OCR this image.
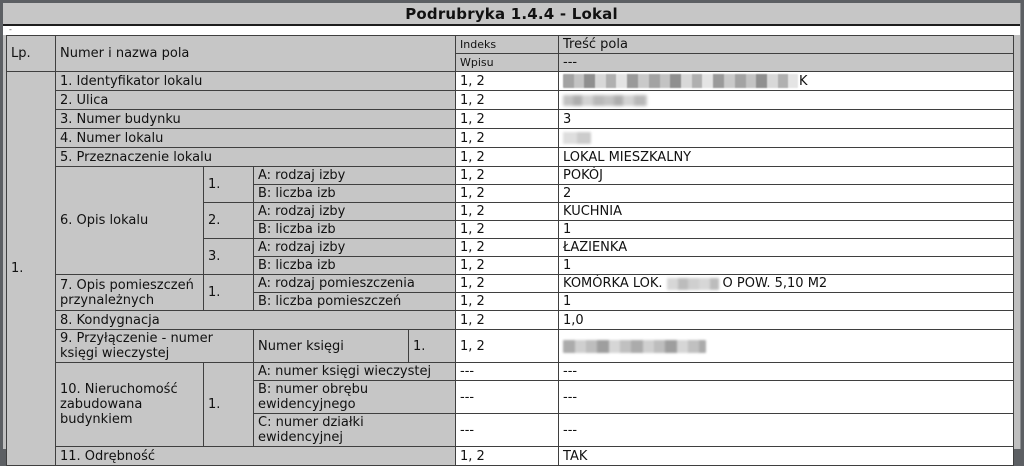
Podrubryka 1.4.4 - Lokal
-
Lp.	Numer i nazwa pola				Indeks	Treść pola
					Wpisu	---
1.	1. Identyfikator lokalu				1, 2	K
	2. Ulica				1, 2	
	3. Numer budynku				1, 2	3
	4. Numer lokalu				1, 2	
	5. Przeznaczenie lokalu				1, 2	LOKAL MIESZKALNY
	6. Opis lokalu	1.	A: rodzaj izby		1, 2	POKÓJ
			B: liczba izb		1, 2	2
		2.	A: rodzaj izby		1, 2	KUCHNIA
			B: liczba izb		1, 2	1
		3.	A: rodzaj izby		1, 2	ŁAZIENKA
			B: liczba izb		1, 2	1
	7. Opis pomieszczeń przynależnych	1.	A: rodzaj pomieszczenia		1, 2	KOMÓRKA LOK. O POW. 5,10 M2
			B: liczba pomieszczeń		1, 2	1
	8. Kondygnacja				1, 2	1,0
	9. Przyłączenie - numer księgi wieczystej		Numer księgi	1.	1, 2	
	10. Nieruchomość zabudowana budynkiem	1.	A: numer księgi wieczystej		---	---
			B: numer obrębu ewidencyjnego		---	---
			C: numer działki ewidencyjnej		---	---
	11. Odrębność				1, 2	TAK
